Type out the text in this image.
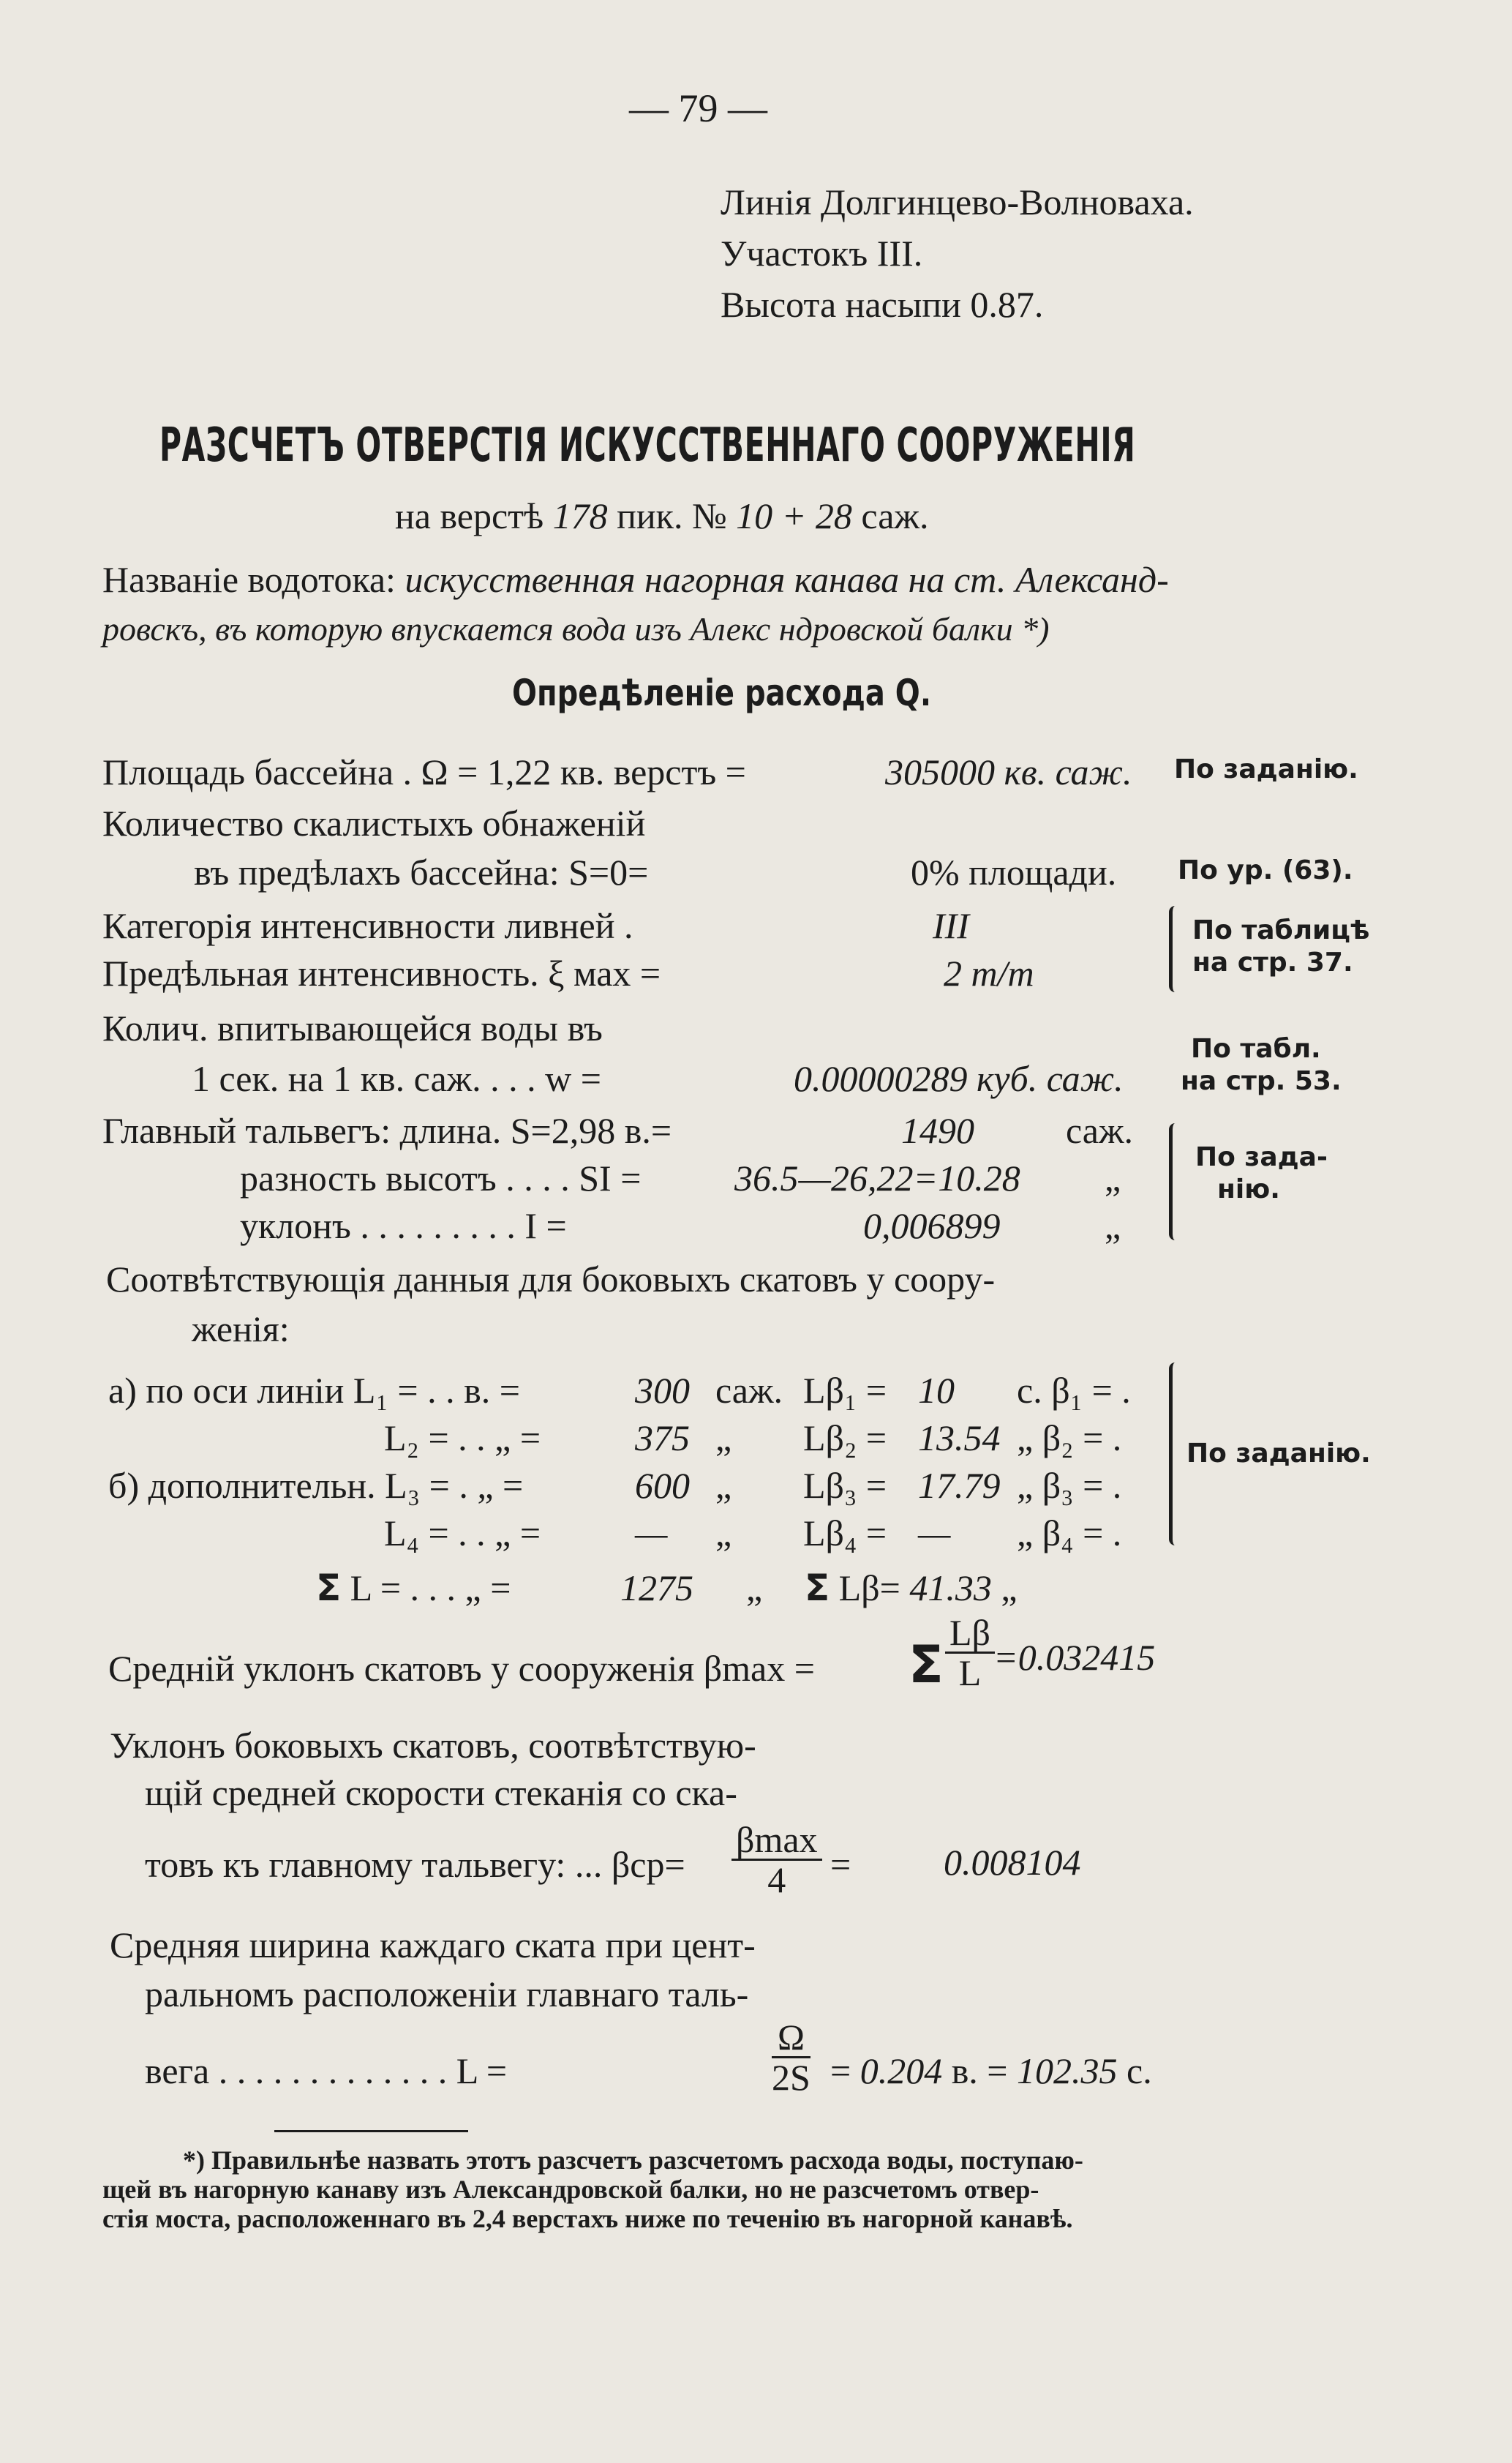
— 79 —
Линія Долгинцево-Волноваха.
Участокъ III.
Высота насыпи 0.87.
РАЗСЧЕТЪ ОТВЕРСТІЯ ИСКУССТВЕННАГО СООРУЖЕНІЯ
на верстѣ 178 пик. № 10 + 28 саж.
Названіе водотока: искусственная нагорная канава на ст. Александ-
ровскъ, въ которую впускается вода изъ Алекс ндровской балки *)
Опредѣленіе расхода Q.
Площадь бассейна . Ω = 1,22 кв. верстъ =	305000 кв. саж. По заданію.
Количество скалистыхъ обнаженій
въ предѣлахъ бассейна: S=0=	0% площади. По ур. (63).
Категорія интенсивности ливней .	III
Предѣльная интенсивность. ξ мах =	2 m/m
По таблицѣ
на стр. 37.
Колич. впитывающейся воды въ
1 сек. на 1 кв. саж. . . . w =	0.00000289 куб. саж.
По табл.
на стр. 53.
Главный тальвегъ: длина. S=2,98 в.=	1490	саж.
разность высотъ . . . . SI =	36.5—26,22=10.28 „
уклонъ . . . . . . . . . I =	0,006899	„
По зада-
нію.
Соотвѣтствующія данныя для боковыхъ скатовъ у соору-
женія:
а) по оси линіи L₁ = . . в. =	300 саж. Lβ₁ = 10 с. β₁ = .
L₂ = . . „ =	375 „ Lβ₂ = 13.54 „ β₂ = .
б) дополнительн. L₃ = . „ =	600 „ Lβ₃ = 17.79 „ β₃ = .
L₄ = . . „ =	— „ Lβ₄ = — „ β₄ = .
По заданію.
Σ L = . . . „ =	1275 „ Σ Lβ= 41.33 „
Средній уклонъ скатовъ у сооруженія βmax = Σ $\frac{L\beta}{L}$
=0.032415
Уклонъ боковыхъ скатовъ, соотвѣтствую-
щій средней скорости стеканія со ска-
товъ къ главному тальвегу: ... βср=
βmax
4	=	0.008104
Средняя ширина каждаго ската при цент-
ральномъ расположеніи главнаго таль-
вега . . . . . . . . . . . . . L =	$\frac{\Omega}{2S} = 0.204$ в. = 102.35 с.
*) Правильнѣе назвать этотъ разсчетъ разсчетомъ расхода воды, поступаю-
щей въ нагорную канаву изъ Александровской балки, но не разсчетомъ отвер-
стія моста, расположеннаго въ 2,4 верстахъ ниже по теченію въ нагорной канавѣ.
